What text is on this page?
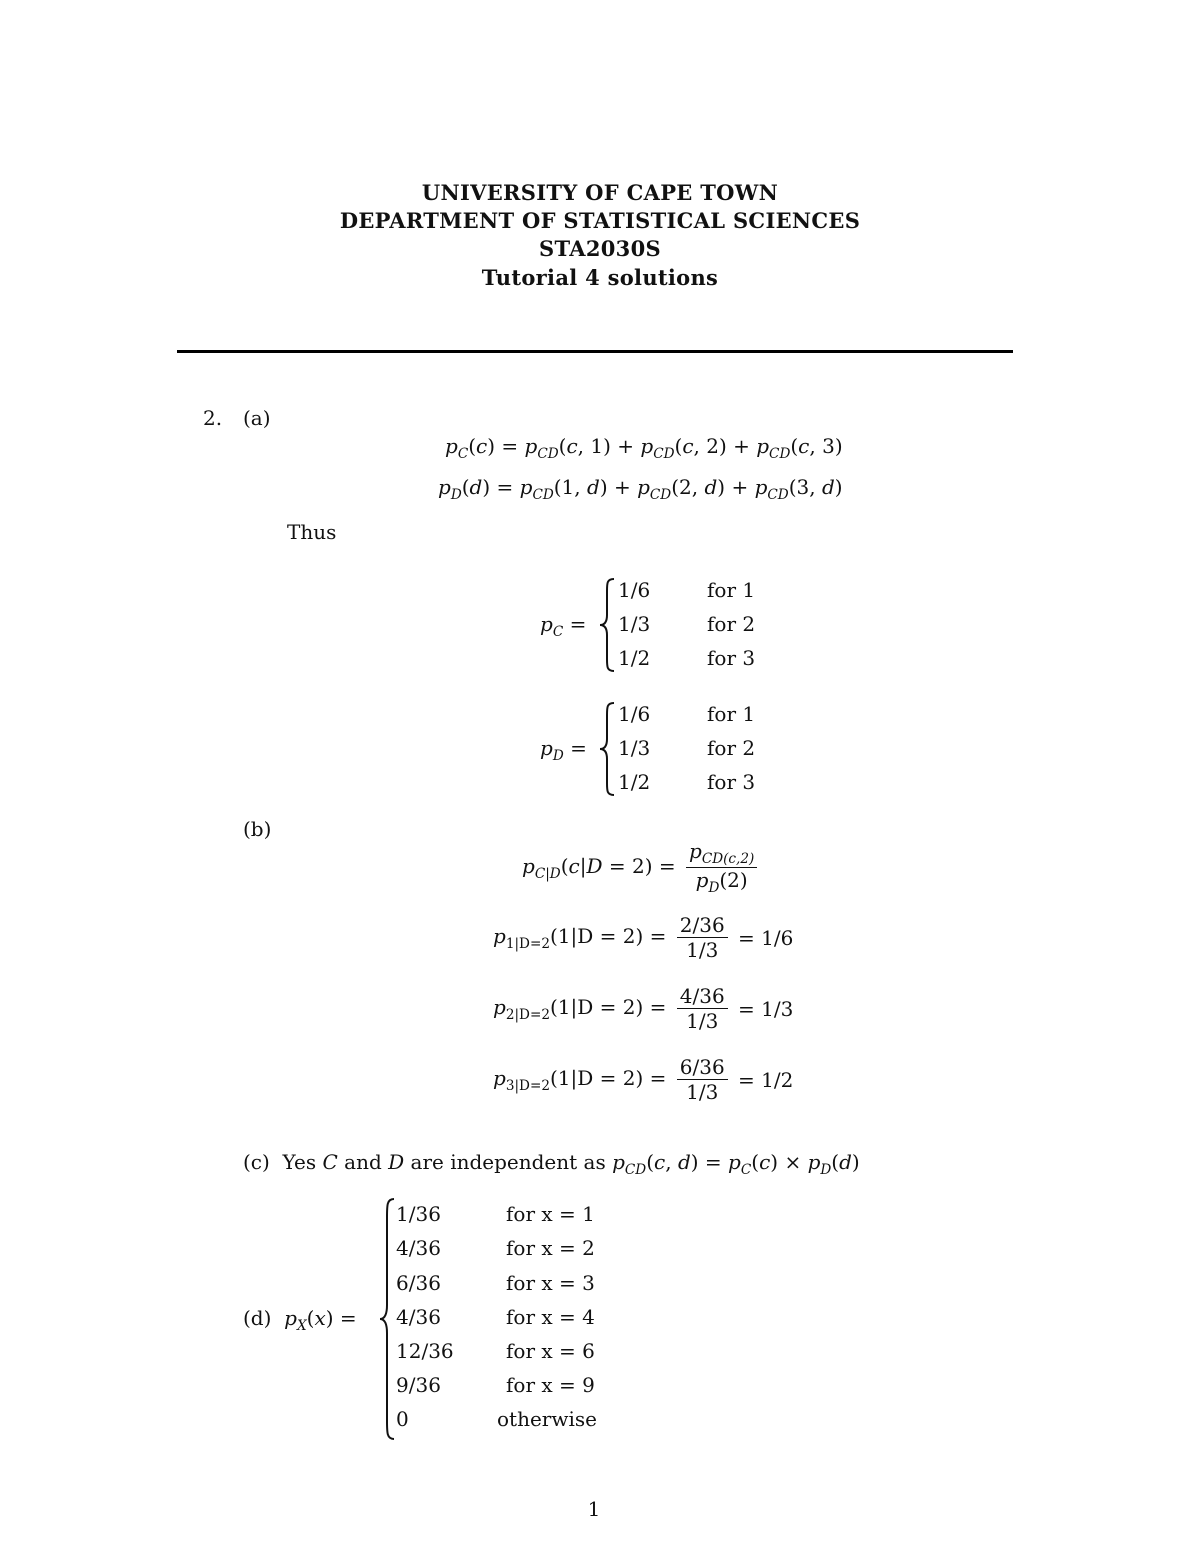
UNIVERSITY OF CAPE TOWN
DEPARTMENT OF STATISTICAL SCIENCES
STA2030S
Tutorial 4 solutions
2. (a)
$p_C(c) = p_{CD}(c$, $1) + p_{CD}(c$, $2) + p_{CD}(c$, 3)
$p_D(d) = p_{CD}(1$, $d) + p_{CD}(2$, $d) + p_{CD}(3$, d)
Thus
$p_C$ =
1/6	for 1
1/3	for 2
1/2	for 3
$p_D$ =
1/6	for 1
1/3	for 2
1/2	for 3
(b)
$p_{C|D}(c|D = 2) = \frac{p_{CD(c,2)}}{p_D(2)}$
$p_{1|D=2}(1|D = 2) = \frac{2/36}{1/3} = 1/6$
$p_{2|D=2}(1|D = 2) = \frac{4/36}{1/3} = 1/3$
$p_{3|D=2}(1|D = 2) = \frac{6/36}{1/3} = 1/2$
(c) Yes C and D are independent as $p_{CD}(c$, $d) = p_C(c) \times p_D(d)$
(d) $p_X(x)$ =
1/36	for x = 1
4/36	for x = 2
6/36	for x = 3
4/36	for x = 4
12/36	for x = 6
9/36	for x = 9
0	otherwise
1
